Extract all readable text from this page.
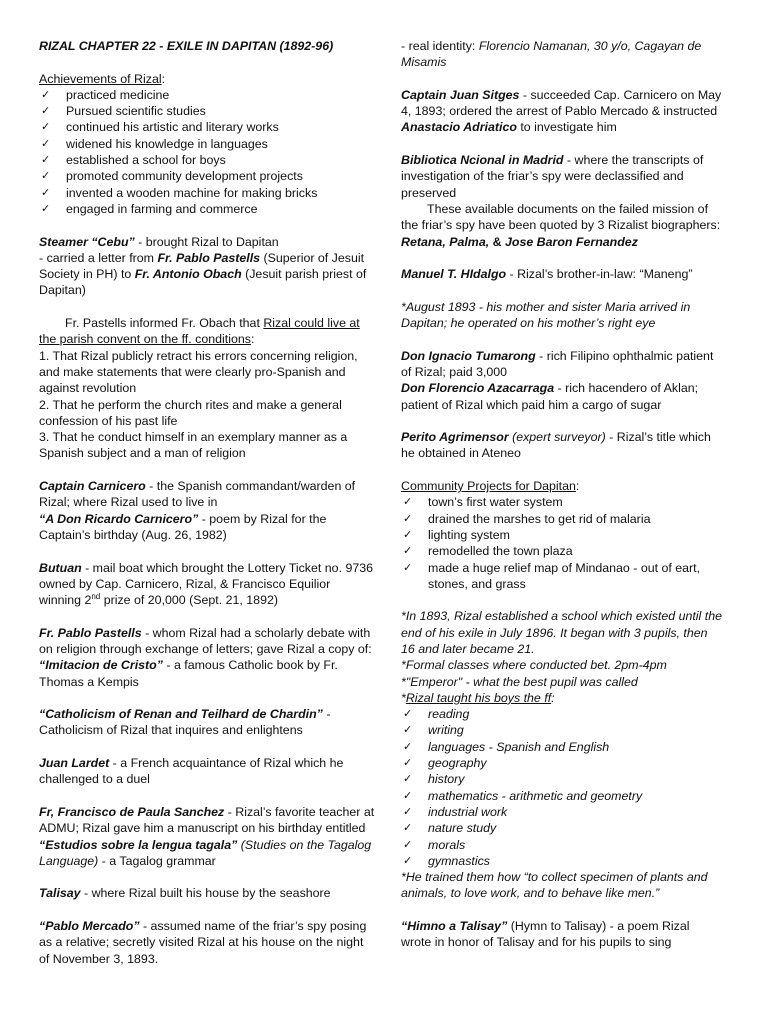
RIZAL CHAPTER 22 - EXILE IN DAPITAN (1892-96)

Achievements of Rizal:

✓ practiced medicine
✓ Pursued scientific studies
✓ continued his artistic and literary works
✓ widened his knowledge in languages
✓ established a school for boys
✓ promoted community development projects
✓ invented a wooden machine for making bricks
✓ engaged in farming and commerce

Steamer “Cebu” - brought Rizal to Dapitan

- carried a letter from Fr. Pablo Pastells (Superior of Jesuit Society in PH) to Fr. Antonio Obach (Jesuit parish priest of Dapitan)

Fr. Pastells informed Fr. Obach that Rizal could live at the parish convent on the ff. conditions:

1. That Rizal publicly retract his errors concerning religion, and make statements that were clearly pro-Spanish and against revolution

2. That he perform the church rites and make a general confession of his past life

3. That he conduct himself in an exemplary manner as a Spanish subject and a man of religion

Captain Carnicero - the Spanish commandant/warden of Rizal; where Rizal used to live in

“A Don Ricardo Carnicero” - poem by Rizal for the Captain’s birthday (Aug. 26, 1982)

Butuan - mail boat which brought the Lottery Ticket no. 9736 owned by Cap. Carnicero, Rizal, & Francisco Equilior winning 2nd prize of 20,000 (Sept. 21, 1892)

Fr. Pablo Pastells - whom Rizal had a scholarly debate with on religion through exchange of letters; gave Rizal a copy of:

“Imitacion de Cristo” - a famous Catholic book by Fr. Thomas a Kempis

“Catholicism of Renan and Teilhard de Chardin” - Catholicism of Rizal that inquires and enlightens

Juan Lardet - a French acquaintance of Rizal which he challenged to a duel

Fr, Francisco de Paula Sanchez - Rizal’s favorite teacher at ADMU; Rizal gave him a manuscript on his birthday entitled “Estudios sobre la lengua tagala” (Studies on the Tagalog Language) - a Tagalog grammar

Talisay - where Rizal built his house by the seashore

“Pablo Mercado” - assumed name of the friar’s spy posing as a relative; secretly visited Rizal at his house on the night of November 3, 1893.

- real identity: Florencio Namanan, 30 y/o, Cagayan de Misamis

Captain Juan Sitges - succeeded Cap. Carnicero on May 4, 1893; ordered the arrest of Pablo Mercado & instructed Anastacio Adriatico to investigate him

Bibliotica Ncional in Madrid - where the transcripts of investigation of the friar’s spy were declassified and preserved

These available documents on the failed mission of the friar’s spy have been quoted by 3 Rizalist biographers: Retana, Palma, & Jose Baron Fernandez

Manuel T. HIdalgo - Rizal’s brother-in-law: “Maneng”

*August 1893 - his mother and sister Maria arrived in Dapitan; he operated on his mother’s right eye

Don Ignacio Tumarong - rich Filipino ophthalmic patient of Rizal; paid 3,000

Don Florencio Azacarraga - rich hacendero of Aklan; patient of Rizal which paid him a cargo of sugar

Perito Agrimensor (expert surveyor) - Rizal’s title which he obtained in Ateneo

Community Projects for Dapitan:

✓ town’s first water system
✓ drained the marshes to get rid of malaria
✓ lighting system
✓ remodelled the town plaza
✓ made a huge relief map of Mindanao - out of eart, stones, and grass

*In 1893, Rizal established a school which existed until the end of his exile in July 1896. It began with 3 pupils, then 16 and later became 21.

*Formal classes where conducted bet. 2pm-4pm

*"Emperor" - what the best pupil was called

*Rizal taught his boys the ff:

✓ reading
✓ writing
✓ languages - Spanish and English
✓ geography
✓ history
✓ mathematics - arithmetic and geometry
✓ industrial work
✓ nature study
✓ morals
✓ gymnastics

*He trained them how “to collect specimen of plants and animals, to love work, and to behave like men.”

“Himno a Talisay” (Hymn to Talisay) - a poem Rizal wrote in honor of Talisay and for his pupils to sing
